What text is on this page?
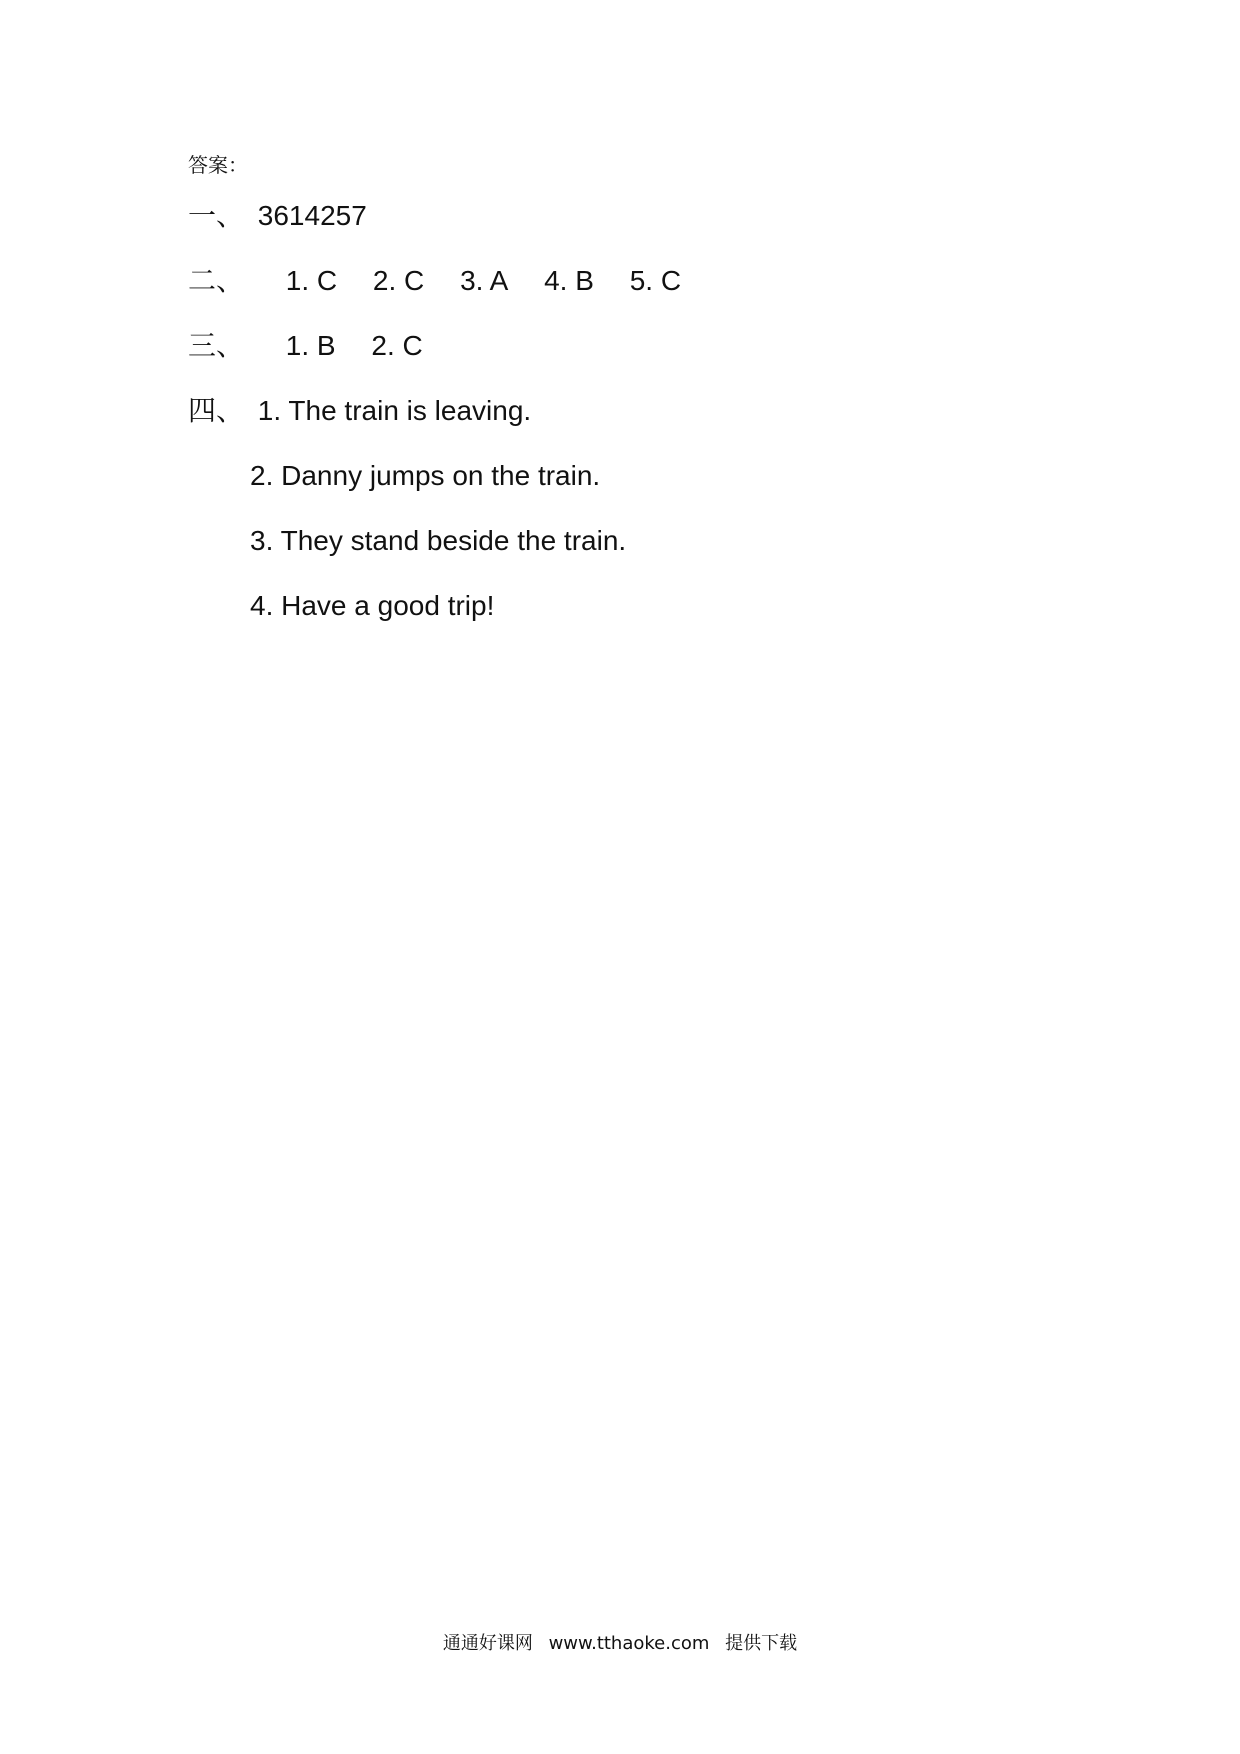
答案：
一、 3614257
二、 1. C 2. C 3. A 4. B 5. C
三、 1. B 2. C
四、 1. The train is leaving.
2. Danny jumps on the train.
3. They stand beside the train.
4. Have a good trip!
通通好课网 www.tthaoke.com 提供下载
